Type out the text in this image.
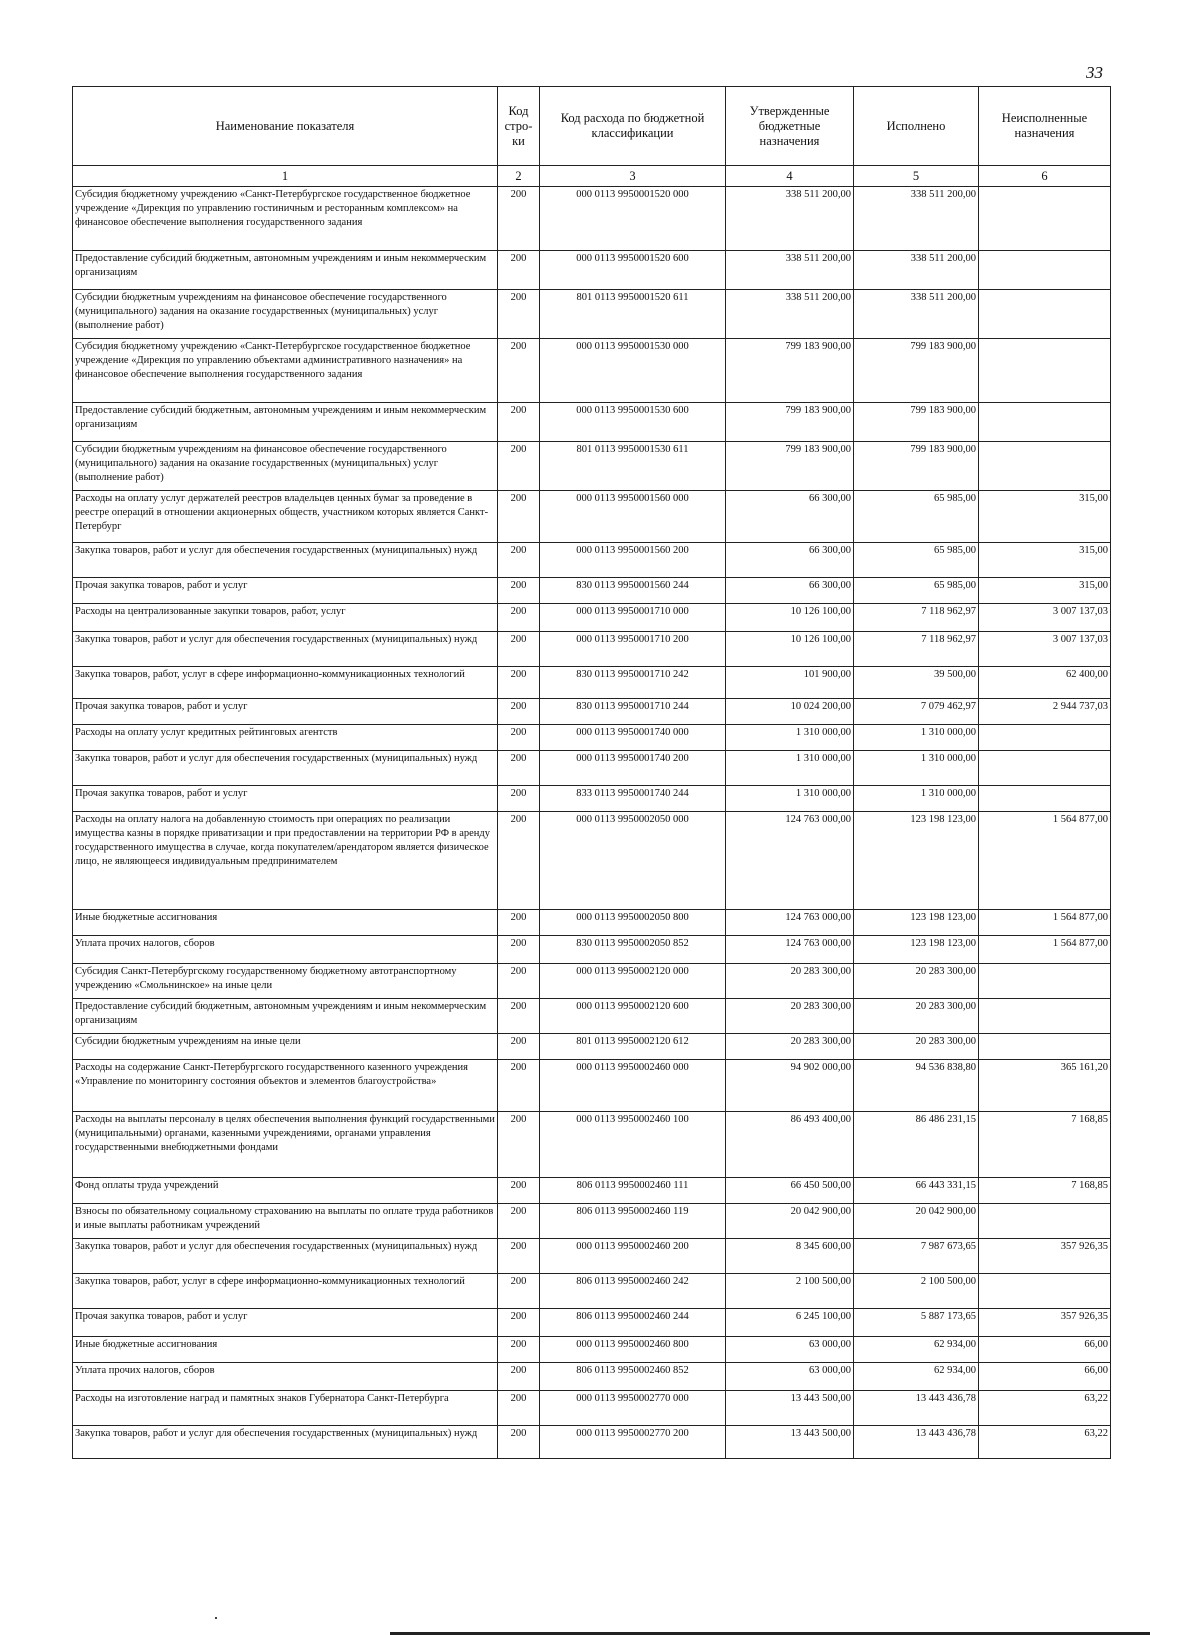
33
Наименование показателя	Код стро-ки	Код расхода по бюджетной классификации	Утвержденные бюджетные назначения	Исполнено	Неисполненные назначения
1	2	3	4	5	6
Субсидия бюджетному учреждению «Санкт-Петербургское государственное бюджетное учреждение «Дирекция по управлению гостиничным и ресторанным комплексом» на финансовое обеспечение выполнения государственного задания	200	000 0113 9950001520 000	338 511 200,00	338 511 200,00	
Предоставление субсидий бюджетным, автономным учреждениям и иным некоммерческим организациям	200	000 0113 9950001520 600	338 511 200,00	338 511 200,00	
Субсидии бюджетным учреждениям на финансовое обеспечение государственного (муниципального) задания на оказание государственных (муниципальных) услуг (выполнение работ)	200	801 0113 9950001520 611	338 511 200,00	338 511 200,00	
Субсидия бюджетному учреждению «Санкт-Петербургское государственное бюджетное учреждение «Дирекция по управлению объектами административного назначения» на финансовое обеспечение выполнения государственного задания	200	000 0113 9950001530 000	799 183 900,00	799 183 900,00	
Предоставление субсидий бюджетным, автономным учреждениям и иным некоммерческим организациям	200	000 0113 9950001530 600	799 183 900,00	799 183 900,00	
Субсидии бюджетным учреждениям на финансовое обеспечение государственного (муниципального) задания на оказание государственных (муниципальных) услуг (выполнение работ)	200	801 0113 9950001530 611	799 183 900,00	799 183 900,00	
Расходы на оплату услуг держателей реестров владельцев ценных бумаг за проведение в реестре операций в отношении акционерных обществ, участником которых является Санкт-Петербург	200	000 0113 9950001560 000	66 300,00	65 985,00	315,00
Закупка товаров, работ и услуг для обеспечения государственных (муниципальных) нужд	200	000 0113 9950001560 200	66 300,00	65 985,00	315,00
Прочая закупка товаров, работ и услуг	200	830 0113 9950001560 244	66 300,00	65 985,00	315,00
Расходы на централизованные закупки товаров, работ, услуг	200	000 0113 9950001710 000	10 126 100,00	7 118 962,97	3 007 137,03
Закупка товаров, работ и услуг для обеспечения государственных (муниципальных) нужд	200	000 0113 9950001710 200	10 126 100,00	7 118 962,97	3 007 137,03
Закупка товаров, работ, услуг в сфере информационно-коммуникационных технологий	200	830 0113 9950001710 242	101 900,00	39 500,00	62 400,00
Прочая закупка товаров, работ и услуг	200	830 0113 9950001710 244	10 024 200,00	7 079 462,97	2 944 737,03
Расходы на оплату услуг кредитных рейтинговых агентств	200	000 0113 9950001740 000	1 310 000,00	1 310 000,00	
Закупка товаров, работ и услуг для обеспечения государственных (муниципальных) нужд	200	000 0113 9950001740 200	1 310 000,00	1 310 000,00	
Прочая закупка товаров, работ и услуг	200	833 0113 9950001740 244	1 310 000,00	1 310 000,00	
Расходы на оплату налога на добавленную стоимость при операциях по реализации имущества казны в порядке приватизации и при предоставлении на территории РФ в аренду государственного имущества в случае, когда покупателем/арендатором является физическое лицо, не являющееся индивидуальным предпринимателем	200	000 0113 9950002050 000	124 763 000,00	123 198 123,00	1 564 877,00
Иные бюджетные ассигнования	200	000 0113 9950002050 800	124 763 000,00	123 198 123,00	1 564 877,00
Уплата прочих налогов, сборов	200	830 0113 9950002050 852	124 763 000,00	123 198 123,00	1 564 877,00
Субсидия Санкт-Петербургскому государственному бюджетному автотранспортному учреждению «Смольнинское» на иные цели	200	000 0113 9950002120 000	20 283 300,00	20 283 300,00	
Предоставление субсидий бюджетным, автономным учреждениям и иным некоммерческим организациям	200	000 0113 9950002120 600	20 283 300,00	20 283 300,00	
Субсидии бюджетным учреждениям на иные цели	200	801 0113 9950002120 612	20 283 300,00	20 283 300,00	
Расходы на содержание Санкт-Петербургского государственного казенного учреждения «Управление по мониторингу состояния объектов и элементов благоустройства»	200	000 0113 9950002460 000	94 902 000,00	94 536 838,80	365 161,20
Расходы на выплаты персоналу в целях обеспечения выполнения функций государственными (муниципальными) органами, казенными учреждениями, органами управления государственными внебюджетными фондами	200	000 0113 9950002460 100	86 493 400,00	86 486 231,15	7 168,85
Фонд оплаты труда учреждений	200	806 0113 9950002460 111	66 450 500,00	66 443 331,15	7 168,85
Взносы по обязательному социальному страхованию на выплаты по оплате труда работников и иные выплаты работникам учреждений	200	806 0113 9950002460 119	20 042 900,00	20 042 900,00	
Закупка товаров, работ и услуг для обеспечения государственных (муниципальных) нужд	200	000 0113 9950002460 200	8 345 600,00	7 987 673,65	357 926,35
Закупка товаров, работ, услуг в сфере информационно-коммуникационных технологий	200	806 0113 9950002460 242	2 100 500,00	2 100 500,00	
Прочая закупка товаров, работ и услуг	200	806 0113 9950002460 244	6 245 100,00	5 887 173,65	357 926,35
Иные бюджетные ассигнования	200	000 0113 9950002460 800	63 000,00	62 934,00	66,00
Уплата прочих налогов, сборов	200	806 0113 9950002460 852	63 000,00	62 934,00	66,00
Расходы на изготовление наград и памятных знаков Губернатора Санкт-Петербурга	200	000 0113 9950002770 000	13 443 500,00	13 443 436,78	63,22
Закупка товаров, работ и услуг для обеспечения государственных (муниципальных) нужд	200	000 0113 9950002770 200	13 443 500,00	13 443 436,78	63,22
